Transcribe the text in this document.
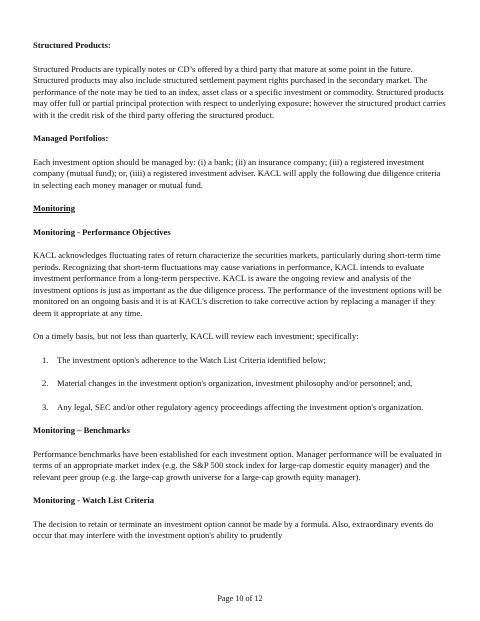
Structured Products:

Structured Products are typically notes or CD’s offered by a third party that mature at some point in the future. Structured products may also include structured settlement payment rights purchased in the secondary market. The performance of the note may be tied to an index, asset class or a specific investment or commodity. Structured products may offer full or partial principal protection with respect to underlying exposure; however the structured product carries with it the credit risk of the third party offering the structured product.

Managed Portfolios:

Each investment option should be managed by: (i) a bank; (ii) an insurance company; (iii) a registered investment company (mutual fund); or, (iiii) a registered investment adviser. KACL will apply the following due diligence criteria in selecting each money manager or mutual fund.

Monitoring
Monitoring - Performance Objectives

KACL acknowledges fluctuating rates of return characterize the securities markets, particularly during short-term time periods. Recognizing that short-term fluctuations may cause variations in performance, KACL intends to evaluate investment performance from a long-term perspective. KACL is aware the ongoing review and analysis of the investment options is just as important as the due diligence process. The performance of the investment options will be monitored on an ongoing basis and it is at KACL's discretion to take corrective action by replacing a manager if they deem it appropriate at any time.

On a timely basis, but not less than quarterly, KACL will review each investment; specifically:

1. The investment option's adherence to the Watch List Criteria identified below;
2. Material changes in the investment option's organization, investment philosophy and/or personnel; and,
3. Any legal, SEC and/or other regulatory agency proceedings affecting the investment option's organization.
Monitoring – Benchmarks

Performance benchmarks have been established for each investment option. Manager performance will be evaluated in terms of an appropriate market index (e.g. the S&P 500 stock index for large-cap domestic equity manager) and the relevant peer group (e.g. the large-cap growth universe for a large-cap growth equity manager).

Monitoring - Watch List Criteria

The decision to retain or terminate an investment option cannot be made by a formula. Also, extraordinary events do occur that may interfere with the investment option's ability to prudently

Page 10 of 12
